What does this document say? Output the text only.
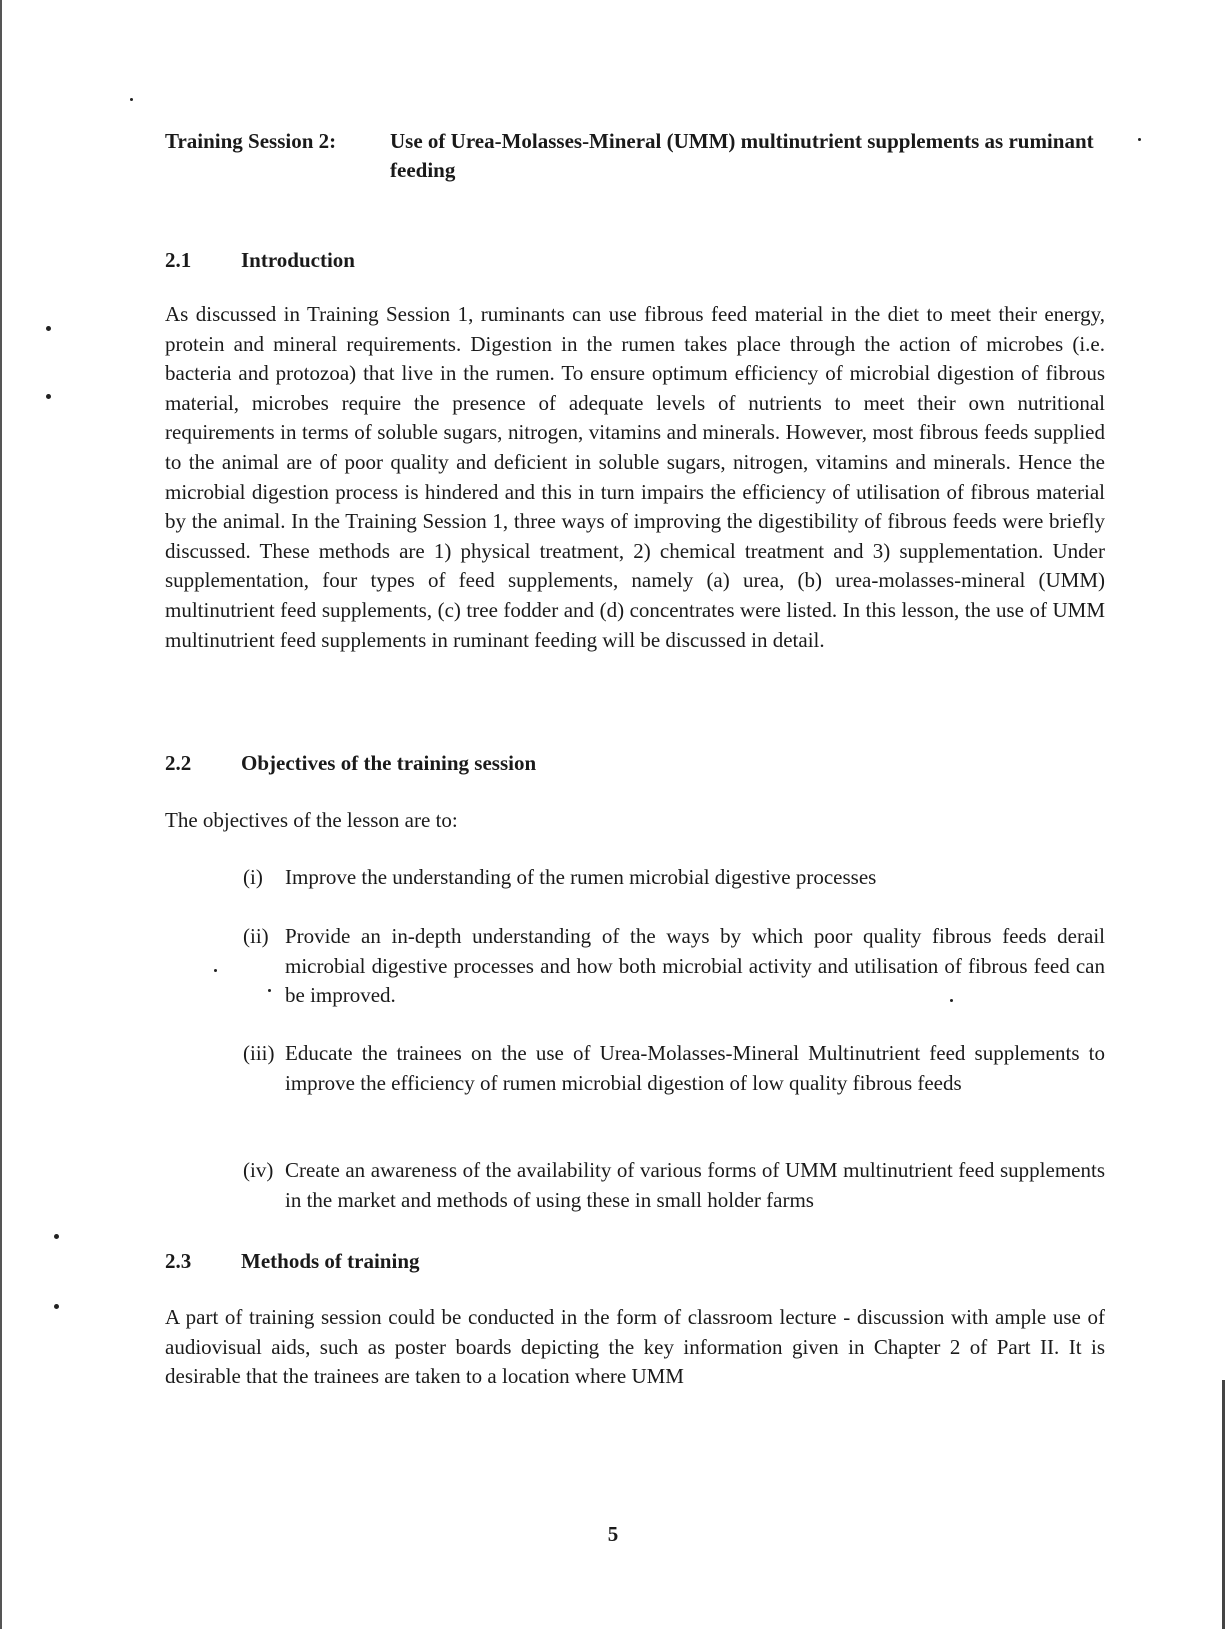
Training Session 2:	Use of Urea-Molasses-Mineral (UMM) multinutrient supplements as ruminant feeding
2.1 Introduction

As discussed in Training Session 1, ruminants can use fibrous feed material in the diet to meet their energy, protein and mineral requirements. Digestion in the rumen takes place through the action of microbes (i.e. bacteria and protozoa) that live in the rumen. To ensure optimum efficiency of microbial digestion of fibrous material, microbes require the presence of adequate levels of nutrients to meet their own nutritional requirements in terms of soluble sugars, nitrogen, vitamins and minerals. However, most fibrous feeds supplied to the animal are of poor quality and deficient in soluble sugars, nitrogen, vitamins and minerals. Hence the microbial digestion process is hindered and this in turn impairs the efficiency of utilisation of fibrous material by the animal. In the Training Session 1, three ways of improving the digestibility of fibrous feeds were briefly discussed. These methods are 1) physical treatment, 2) chemical treatment and 3) supplementation. Under supplementation, four types of feed supplements, namely (a) urea, (b) urea-molasses-mineral (UMM) multinutrient feed supplements, (c) tree fodder and (d) concentrates were listed. In this lesson, the use of UMM multinutrient feed supplements in ruminant feeding will be discussed in detail.

2.2 Objectives of the training session

The objectives of the lesson are to:

(i) Improve the understanding of the rumen microbial digestive processes
(ii) Provide an in-depth understanding of the ways by which poor quality fibrous feeds derail microbial digestive processes and how both microbial activity and utilisation of fibrous feed can be improved.
(iii) Educate the trainees on the use of Urea-Molasses-Mineral Multinutrient feed supplements to improve the efficiency of rumen microbial digestion of low quality fibrous feeds
(iv) Create an awareness of the availability of various forms of UMM multinutrient feed supplements in the market and methods of using these in small holder farms
2.3 Methods of training

A part of training session could be conducted in the form of classroom lecture - discussion with ample use of audiovisual aids, such as poster boards depicting the key information given in Chapter 2 of Part II. It is desirable that the trainees are taken to a location where UMM

5
